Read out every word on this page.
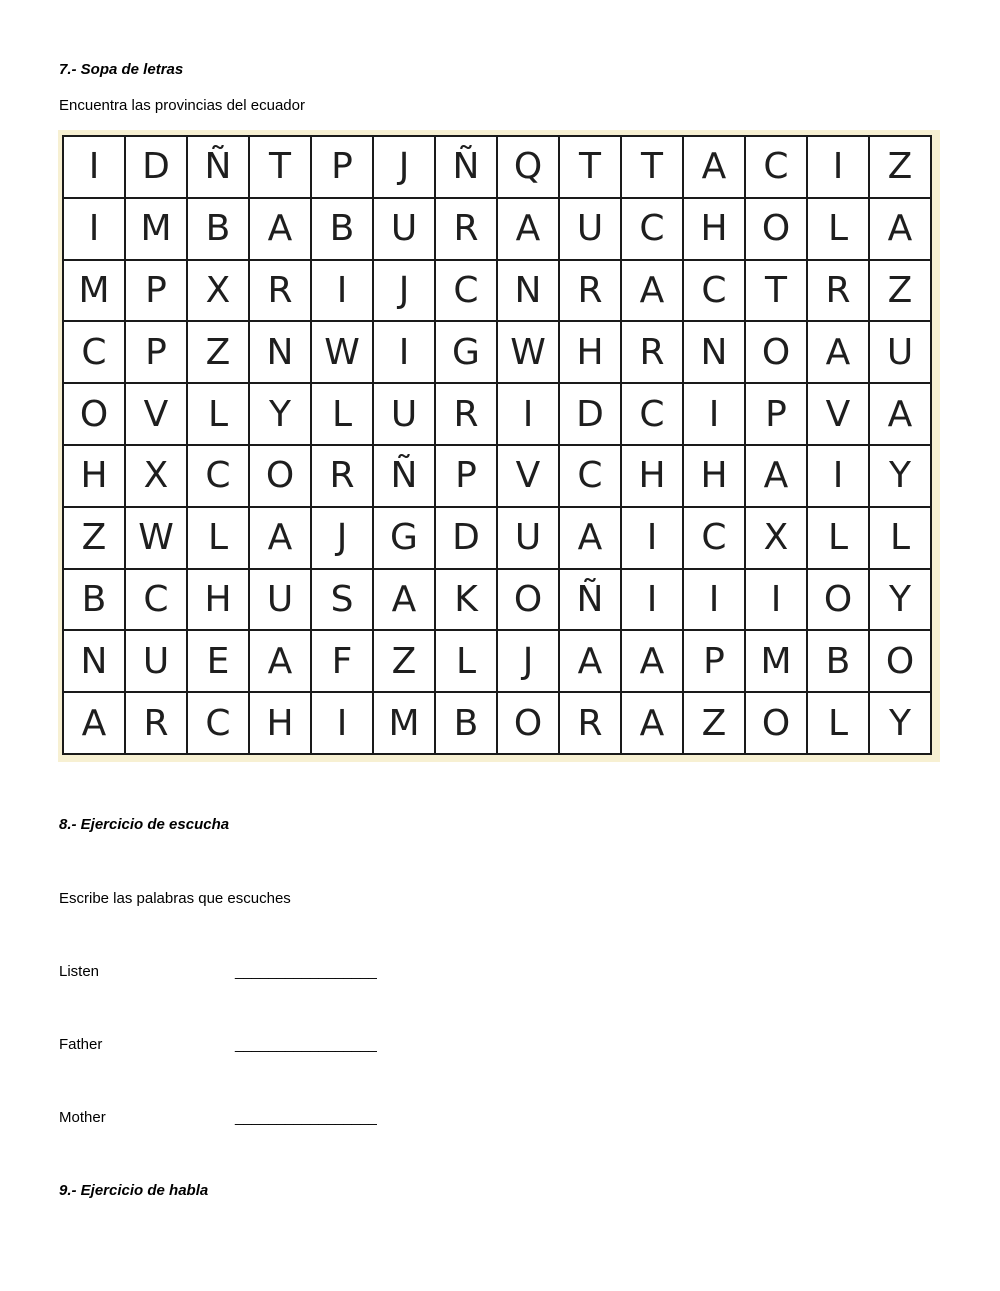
7.- Sopa de letras
Encuentra las provincias del ecuador
I	D Ñ	T	P	J	Ñ Q	T	T	A	C	I	Z
I	M B	A	B	U	R	A	U	C H O	L	A
M P	X	R	I	J	C N	R	A	C	T	R	Z
C	P	Z	N W	I	G W H R	N O A	U
O V	L	Y	L	U	R	I	D C	I	P	V	A
H	X	C O R	Ñ	P	V	C H H	A	I	Y
Z W L	A	J	G D U	A	I	C	X	L	L
B	C H U	S	A	K	O Ñ	I	I	I	O	Y
N U	E	A	F	Z	L	J	A	A	P M B O
A	R	C H	I	M B O R	A	Z O	L	Y
8.- Ejercicio de escucha
Escribe las palabras que escuches
Listen	_________________
Father	_________________
Mother	_________________
9.- Ejercicio de habla
